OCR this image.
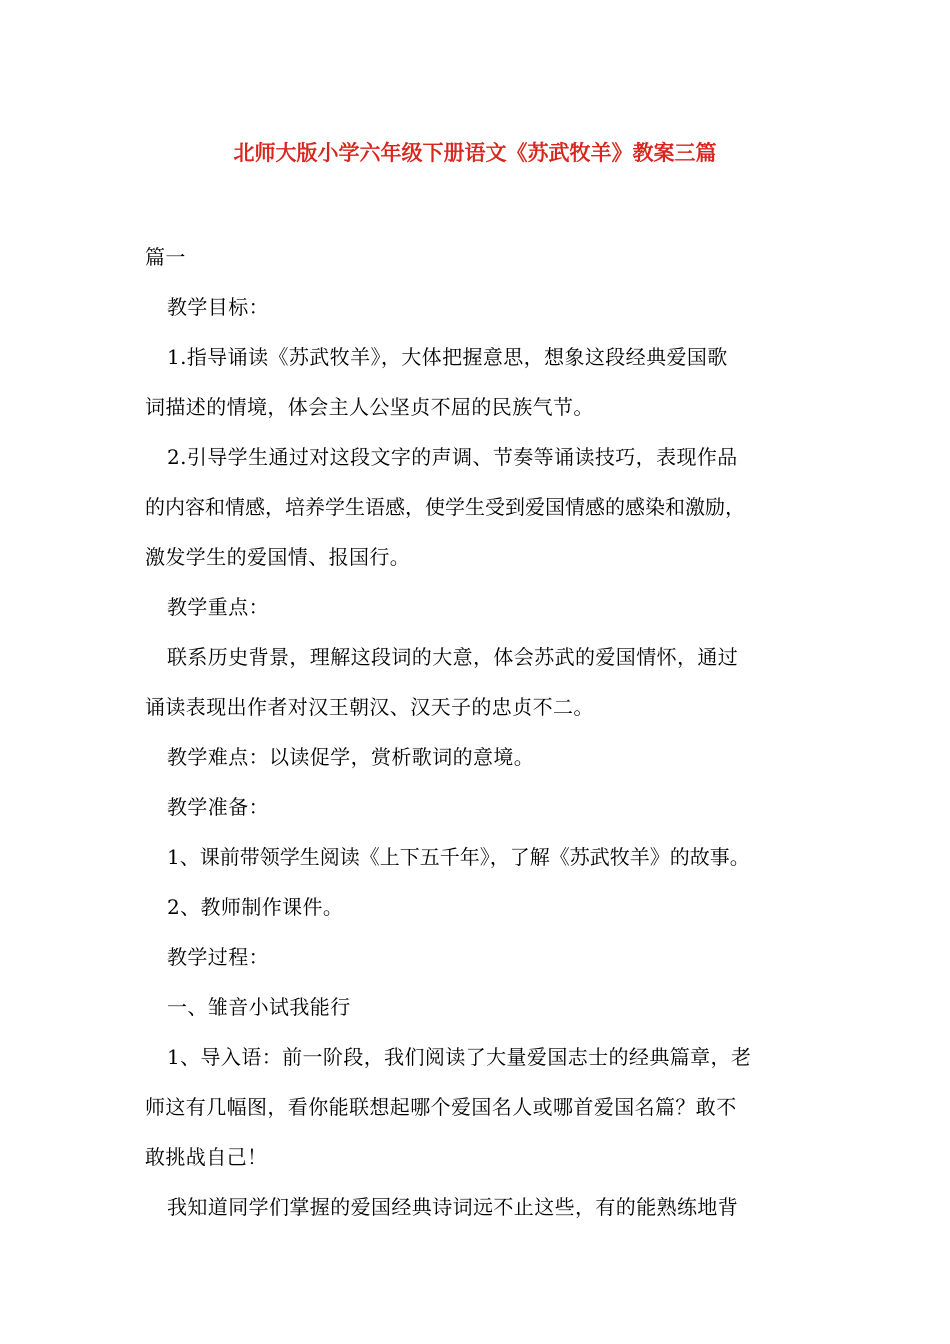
北师大版小学六年级下册语文《苏武牧羊》教案三篇

篇一

教学目标：

1.指导诵读《苏武牧羊》，大体把握意思，想象这段经典爱国歌

词描述的情境，体会主人公坚贞不屈的民族气节。

2.引导学生通过对这段文字的声调、节奏等诵读技巧，表现作品

的内容和情感，培养学生语感，使学生受到爱国情感的感染和激励，

激发学生的爱国情、报国行。

教学重点：

联系历史背景，理解这段词的大意，体会苏武的爱国情怀，通过

诵读表现出作者对汉王朝汉、汉天子的忠贞不二。

教学难点：以读促学，赏析歌词的意境。

教学准备：

1、课前带领学生阅读《上下五千年》，了解《苏武牧羊》的故事。

2、教师制作课件。

教学过程：

一、雏音小试我能行

1、导入语：前一阶段，我们阅读了大量爱国志士的经典篇章，老

师这有几幅图，看你能联想起哪个爱国名人或哪首爱国名篇？敢不

敢挑战自己！

我知道同学们掌握的爱国经典诗词远不止这些，有的能熟练地背
